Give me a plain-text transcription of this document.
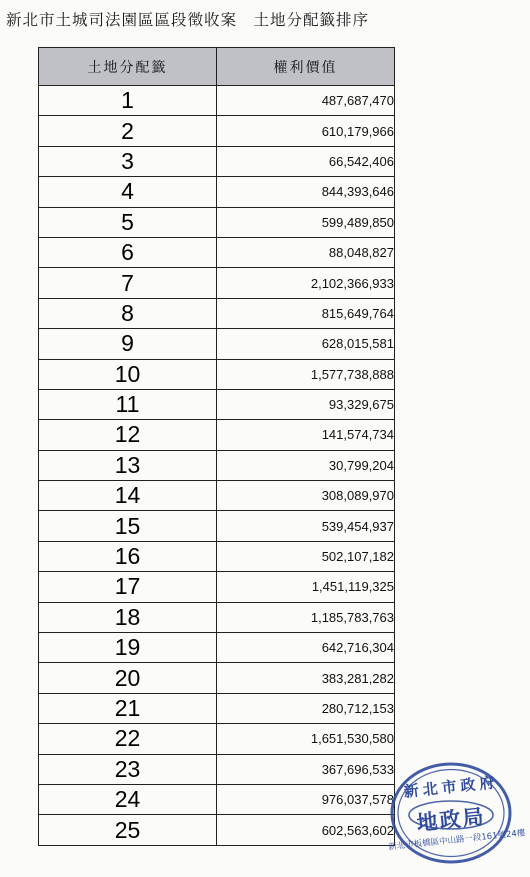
新北市土城司法園區區段徵收案　土地分配籤排序
土地分配籤	權利價值
1	487,687,470
2	610,179,966
3	66,542,406
4	844,393,646
5	599,489,850
6	88,048,827
7	2,102,366,933
8	815,649,764
9	628,015,581
10	1,577,738,888
11	93,329,675
12	141,574,734
13	30,799,204
14	308,089,970
15	539,454,937
16	502,107,182
17	1,451,119,325
18	1,185,783,763
19	642,716,304
20	383,281,282
21	280,712,153
22	1,651,530,580
23	367,696,533
24	976,037,578
25	602,563,602
新北市政府
地政局
新北市板橋區中山路一段161號24樓
